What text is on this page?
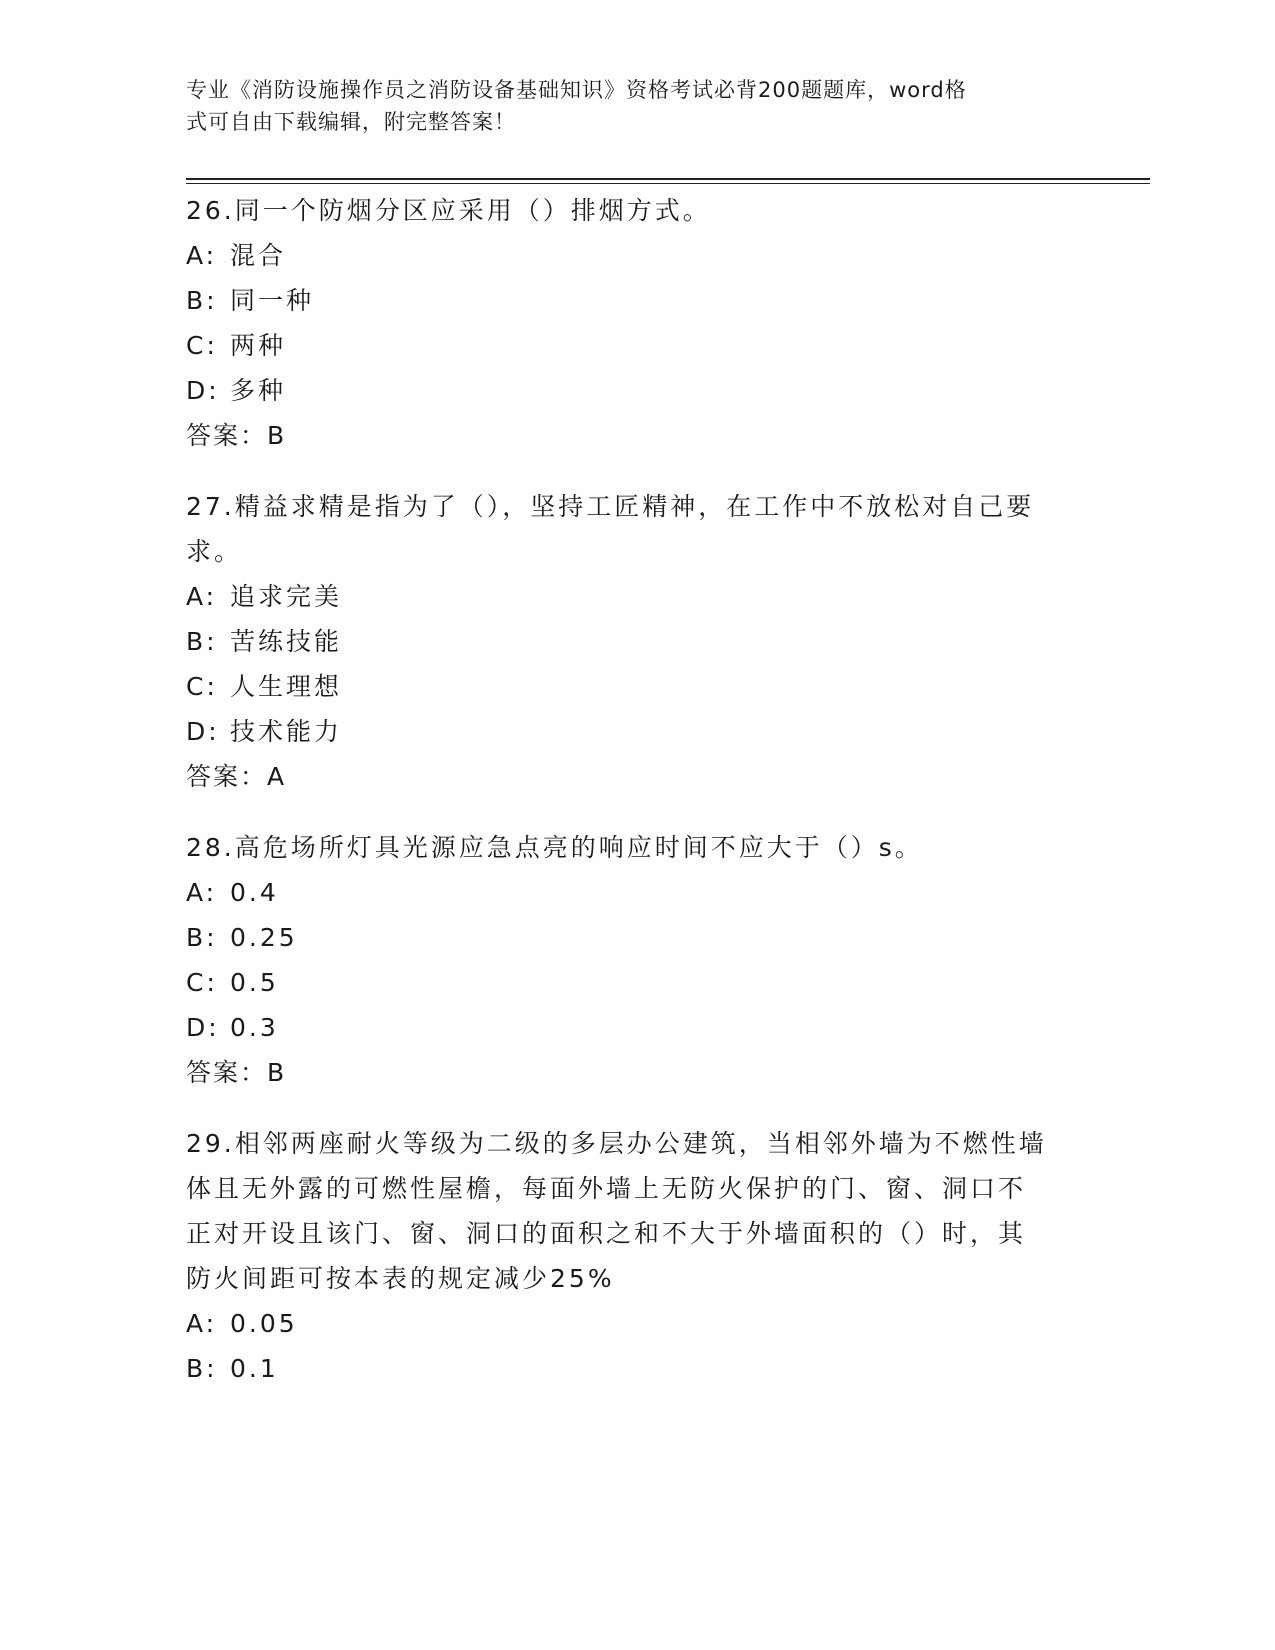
专业《消防设施操作员之消防设备基础知识》资格考试必背200题题库，word格
式可自由下载编辑，附完整答案！
26.同一个防烟分区应采用（）排烟方式。
A: 混合
B: 同一种
C: 两种
D: 多种
答案：B
27.精益求精是指为了（），坚持工匠精神，在工作中不放松对自己要
求。
A: 追求完美
B: 苦练技能
C: 人生理想
D: 技术能力
答案：A
28.高危场所灯具光源应急点亮的响应时间不应大于（）s。
A: 0.4
B: 0.25
C: 0.5
D: 0.3
答案：B
29.相邻两座耐火等级为二级的多层办公建筑，当相邻外墙为不燃性墙
体且无外露的可燃性屋檐，每面外墙上无防火保护的门、窗、洞口不
正对开设且该门、窗、洞口的面积之和不大于外墙面积的（）时，其
防火间距可按本表的规定减少25%
A: 0.05
B: 0.1
